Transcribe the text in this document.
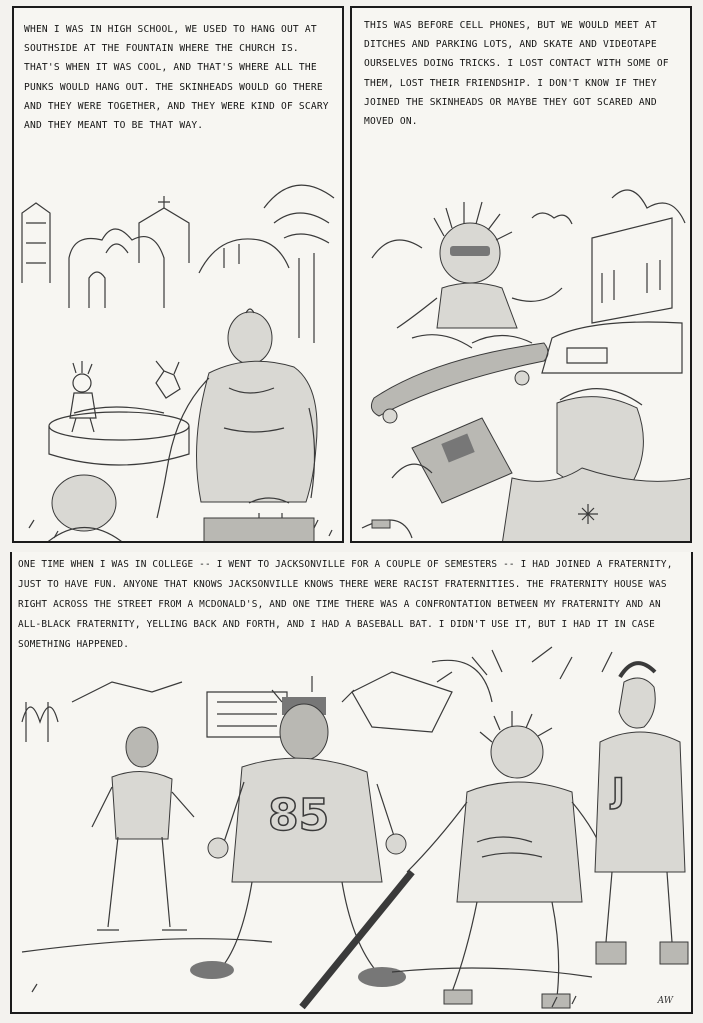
WHEN I WAS IN HIGH SCHOOL, WE USED TO HANG OUT AT SOUTHSIDE AT THE FOUNTAIN WHERE THE CHURCH IS. THAT'S WHEN IT WAS COOL, AND THAT'S WHERE ALL THE PUNKS WOULD HANG OUT. THE SKINHEADS WOULD GO THERE AND THEY WERE TOGETHER, AND THEY WERE KIND OF SCARY AND THEY MEANT TO BE THAT WAY.

THIS WAS BEFORE CELL PHONES, BUT WE WOULD MEET AT DITCHES AND PARKING LOTS, AND SKATE AND VIDEOTAPE OURSELVES DOING TRICKS. I LOST CONTACT WITH SOME OF THEM, LOST THEIR FRIENDSHIP. I DON'T KNOW IF THEY JOINED THE SKINHEADS OR MAYBE THEY GOT SCARED AND MOVED ON.

ONE TIME WHEN I WAS IN COLLEGE -- I WENT TO JACKSONVILLE FOR A COUPLE OF SEMESTERS -- I HAD JOINED A FRATERNITY, JUST TO HAVE FUN. ANYONE THAT KNOWS JACKSONVILLE KNOWS THERE WERE RACIST FRATERNITIES. THE FRATERNITY HOUSE WAS RIGHT ACROSS THE STREET FROM A MCDONALD'S, AND ONE TIME THERE WAS A CONFRONTATION BETWEEN MY FRATERNITY AND AN ALL-BLACK FRATERNITY, YELLING BACK AND FORTH, AND I HAD A BASEBALL BAT. I DIDN'T USE IT, BUT I HAD IT IN CASE SOMETHING HAPPENED.

85	J
AW
